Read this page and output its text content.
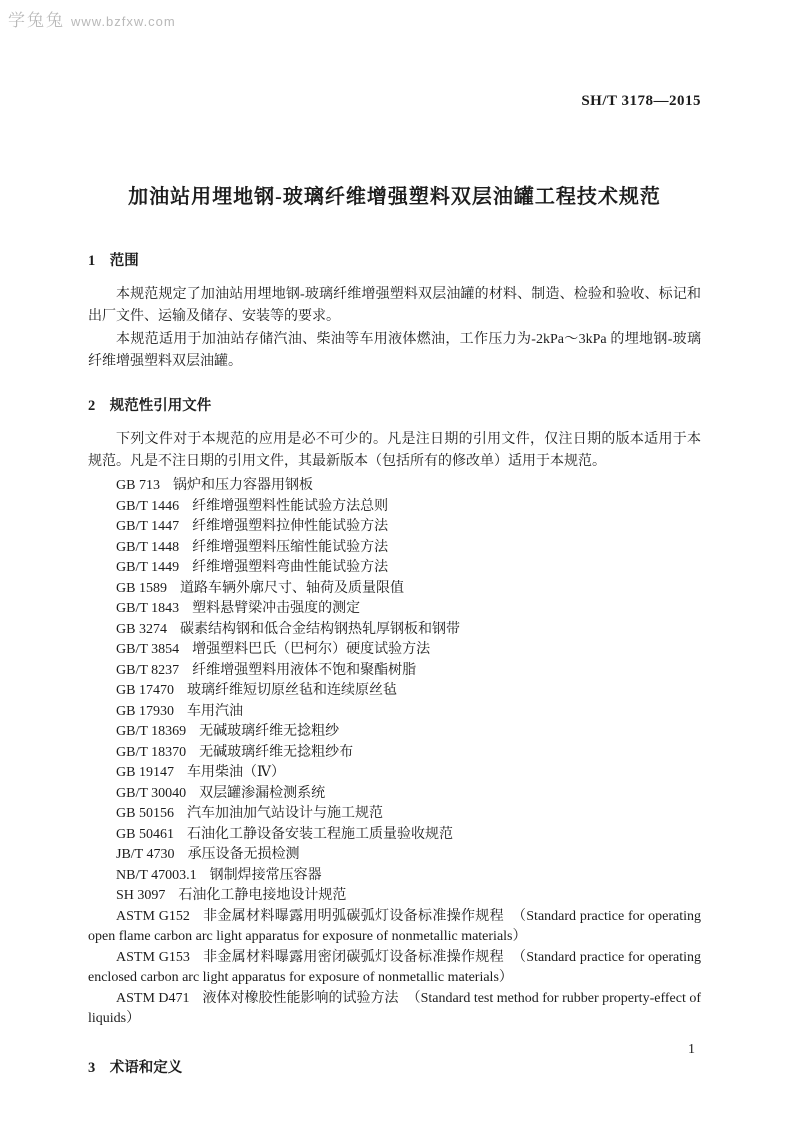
学兔兔 www.bzfxw.com
SH/T 3178—2015
加油站用埋地钢-玻璃纤维增强塑料双层油罐工程技术规范
1　范围

本规范规定了加油站用埋地钢-玻璃纤维增强塑料双层油罐的材料、制造、检验和验收、标记和出厂文件、运输及储存、安装等的要求。

本规范适用于加油站存储汽油、柴油等车用液体燃油，工作压力为-2kPa～3kPa 的埋地钢-玻璃纤维增强塑料双层油罐。

2　规范性引用文件

下列文件对于本规范的应用是必不可少的。凡是注日期的引用文件，仅注日期的版本适用于本规范。凡是不注日期的引用文件，其最新版本（包括所有的修改单）适用于本规范。

GB 713 锅炉和压力容器用钢板
GB/T 1446 纤维增强塑料性能试验方法总则
GB/T 1447 纤维增强塑料拉伸性能试验方法
GB/T 1448 纤维增强塑料压缩性能试验方法
GB/T 1449 纤维增强塑料弯曲性能试验方法
GB 1589 道路车辆外廓尺寸、轴荷及质量限值
GB/T 1843 塑料悬臂梁冲击强度的测定
GB 3274 碳素结构钢和低合金结构钢热轧厚钢板和钢带
GB/T 3854 增强塑料巴氏（巴柯尔）硬度试验方法
GB/T 8237 纤维增强塑料用液体不饱和聚酯树脂
GB 17470 玻璃纤维短切原丝毡和连续原丝毡
GB 17930 车用汽油
GB/T 18369 无碱玻璃纤维无捻粗纱
GB/T 18370 无碱玻璃纤维无捻粗纱布
GB 19147 车用柴油（Ⅳ）
GB/T 30040 双层罐渗漏检测系统
GB 50156 汽车加油加气站设计与施工规范
GB 50461 石油化工静设备安装工程施工质量验收规范
JB/T 4730 承压设备无损检测
NB/T 47003.1 钢制焊接常压容器
SH 3097 石油化工静电接地设计规范
ASTM G152 非金属材料曝露用明弧碳弧灯设备标准操作规程 （Standard practice for operating open flame carbon arc light apparatus for exposure of nonmetallic materials）
ASTM G153 非金属材料曝露用密闭碳弧灯设备标准操作规程 （Standard practice for operating enclosed carbon arc light apparatus for exposure of nonmetallic materials）
ASTM D471 液体对橡胶性能影响的试验方法 （Standard test method for rubber property-effect of liquids）
3　术语和定义
1
